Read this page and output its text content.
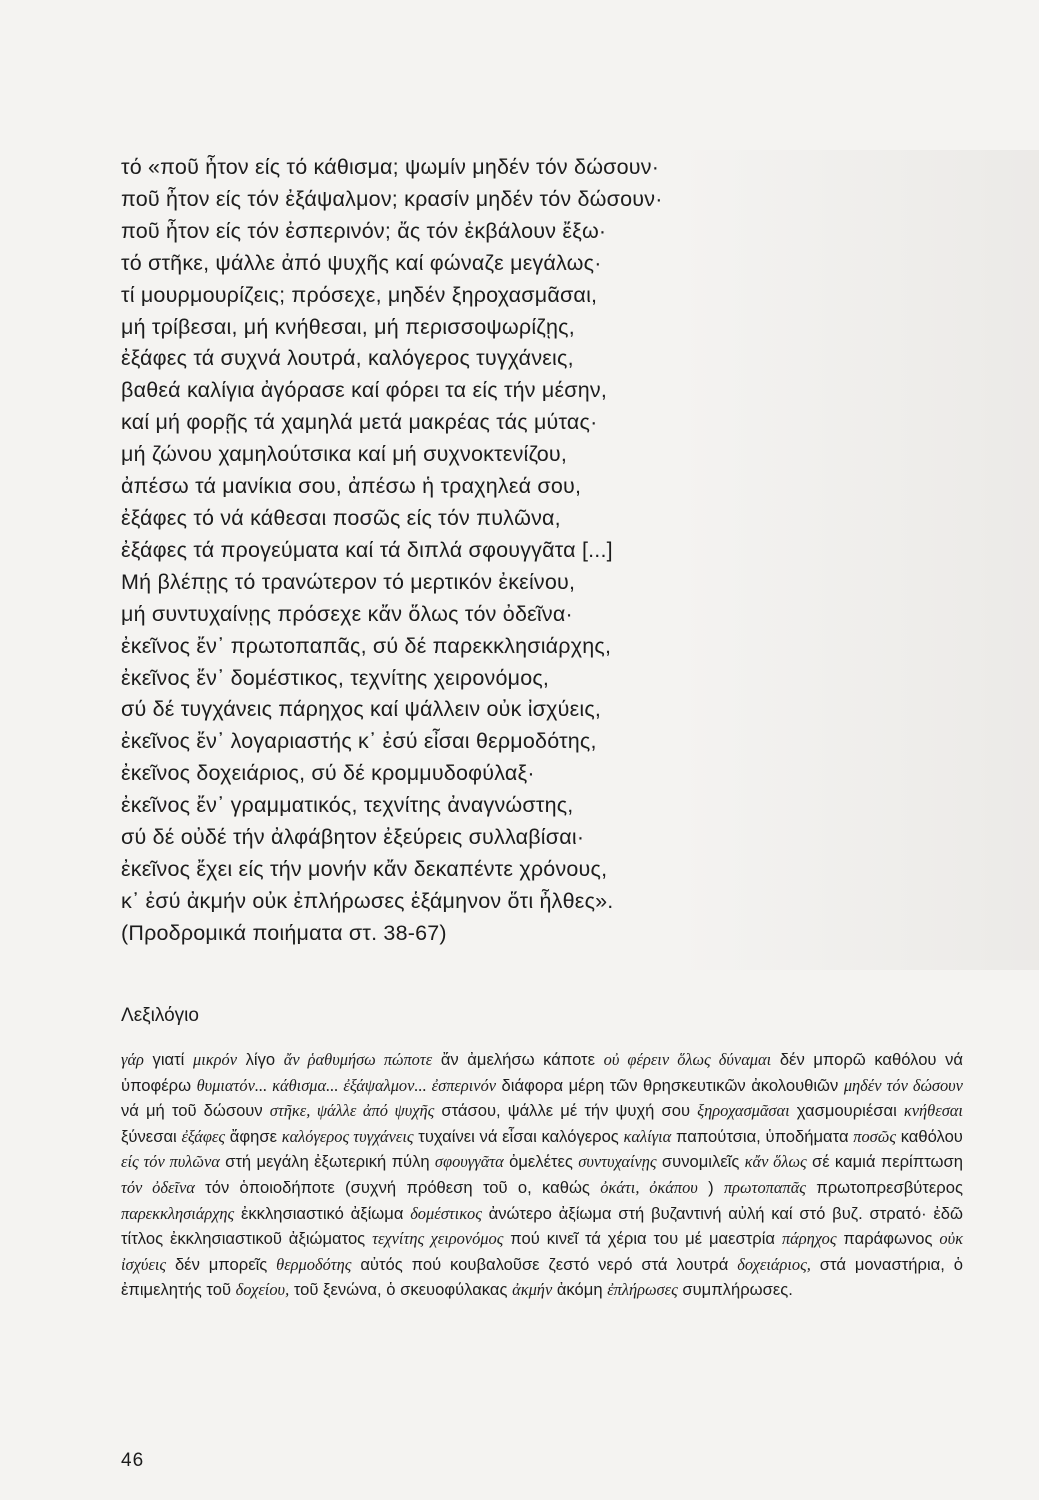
τό «ποῦ ἦτον είς τό κάθισμα; ψωμίν μηδέν τόν δώσουν·
ποῦ ἦτον είς τόν ἐξάψαλμον; κρασίν μηδέν τόν δώσουν·
ποῦ ἦτον είς τόν ἐσπερινόν; ἄς τόν ἐκβάλουν ἔξω·
τό στῆκε, ψάλλε ἀπό ψυχῆς καί φώναζε μεγάλως·
τί μουρμουρίζεις; πρόσεχε, μηδέν ξηροχασμᾶσαι,
μή τρίβεσαι, μή κνήθεσαι, μή περισσοψωρίζῃς,
ἐξάφες τά συχνά λουτρά, καλόγερος τυγχάνεις,
βαθεά καλίγια ἀγόρασε καί φόρει τα είς τήν μέσην,
καί μή φορῇς τά χαμηλά μετά μακρέας τάς μύτας·
μή ζώνου χαμηλούτσικα καί μή συχνοκτενίζου,
ἀπέσω τά μανίκια σου, ἀπέσω ἡ τραχηλεά σου,
ἐξάφες τό νά κάθεσαι ποσῶς είς τόν πυλῶνα,
ἐξάφες τά προγεύματα καί τά διπλά σφουγγᾶτα [...]
Μή βλέπῃς τό τρανώτερον τό μερτικόν ἐκείνου,
μή συντυχαίνῃς πρόσεχε κἄν ὅλως τόν ὀδεῖνα·
ἐκεῖνος ἔν᾽ πρωτοπαπᾶς, σύ δέ παρεκκλησιάρχης,
ἐκεῖνος ἔν᾽ δομέστικος, τεχνίτης χειρονόμος,
σύ δέ τυγχάνεις πάρηχος καί ψάλλειν οὐκ ἰσχύεις,
ἐκεῖνος ἔν᾽ λογαριαστής κ᾽ ἐσύ εἶσαι θερμοδότης,
ἐκεῖνος δοχειάριος, σύ δέ κρομμυδοφύλαξ·
ἐκεῖνος ἔν᾽ γραμματικός, τεχνίτης ἀναγνώστης,
σύ δέ οὐδέ τήν ἀλφάβητον ἐξεύρεις συλλαβίσαι·
ἐκεῖνος ἔχει είς τήν μονήν κἄν δεκαπέντε χρόνους,
κ᾽ ἐσύ ἀκμήν οὐκ ἐπλήρωσες ἑξάμηνον ὅτι ἦλθες».
(Προδρομικά ποιήματα στ. 38-67)
Λεξιλόγιο
γάρ γιατί μικρόν λίγο ἄν ῥαθυμήσω πώποτε ἄν ἀμελήσω κάποτε οὐ φέρειν ὅλως δύναμαι δέν μπορῶ καθόλου νά ὑποφέρω θυμιατόν... κάθισμα... ἐξάψαλμον... ἐσπερινόν διάφορα μέρη τῶν θρησκευτικῶν ἀκολουθιῶν μηδέν τόν δώσουν νά μή τοῦ δώσουν στῆκε, ψάλλε ἀπό ψυχῆς στάσου, ψάλλε μέ τήν ψυχή σου ξηροχασμᾶσαι χασμουριέσαι κνήθεσαι ξύνεσαι ἐξάφες ἄφησε καλόγερος τυγχάνεις τυχαίνει νά εἶσαι καλόγερος καλίγια παπούτσια, ὑποδήματα ποσῶς καθόλου είς τόν πυλῶνα στή μεγάλη ἐξωτερική πύλη σφουγγᾶτα ὀμελέτες συντυχαίνῃς συνομιλεῖς κἄν ὅλως σέ καμιά περίπτωση τόν ὀδεῖνα τόν ὁποιοδήποτε (συχνή πρόθεση τοῦ ο, καθώς ὀκάτι, ὀκάπου ) πρωτοπαπᾶς πρωτοπρεσβύτερος παρεκκλησιάρχης ἐκκλησιαστικό ἀξίωμα δομέστικος ἀνώτερο ἀξίωμα στή βυζαντινή αὐλή καί στό βυζ. στρατό· ἐδῶ τίτλος ἐκκλησιαστικοῦ ἀξιώματος τεχνίτης χειρονόμος πού κινεῖ τά χέρια του μέ μαεστρία πάρηχος παράφωνος οὐκ ἰσχύεις δέν μπορεῖς θερμοδότης αὐτός πού κουβαλοῦσε ζεστό νερό στά λουτρά δοχειάριος, στά μοναστήρια, ὁ ἐπιμελητής τοῦ δοχείου, τοῦ ξενώνα, ὁ σκευοφύλακας ἀκμήν ἀκόμη ἐπλήρωσες συμπλήρωσες.
46
